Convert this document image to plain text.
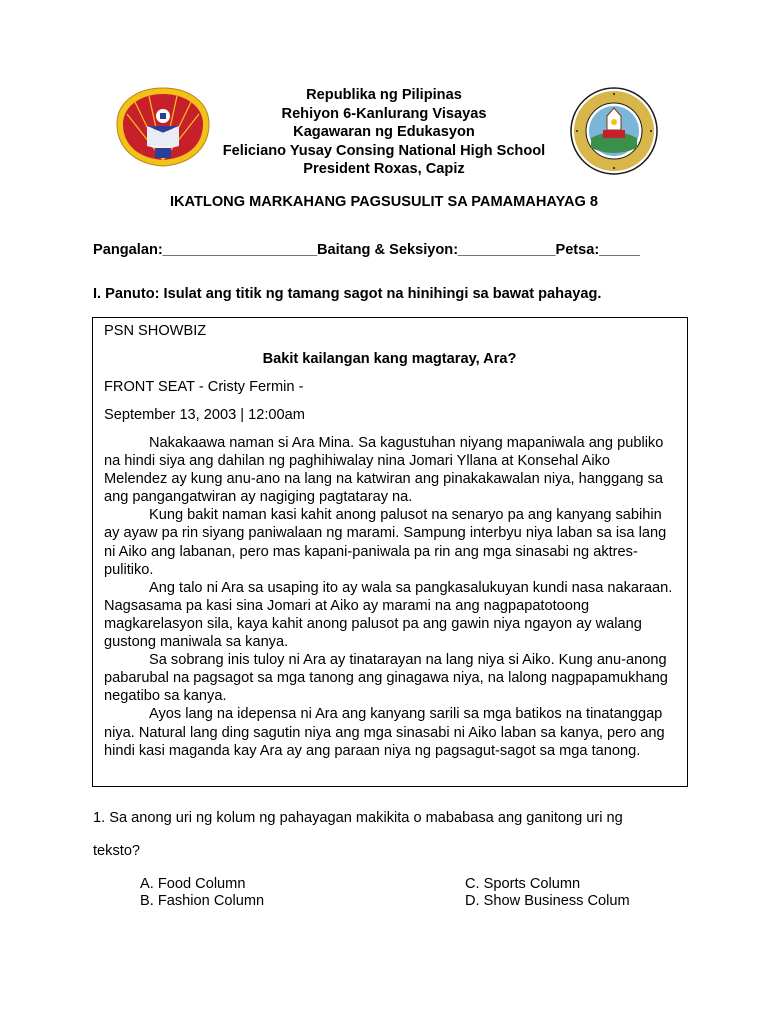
Republika ng Pilipinas
Rehiyon 6-Kanlurang Visayas
Kagawaran ng Edukasyon
Feliciano Yusay Consing National High School
President Roxas, Capiz
IKATLONG MARKAHANG PAGSUSULIT SA PAMAMAHAYAG 8
Pangalan:___________________Baitang & Seksiyon:____________Petsa:_____
I. Panuto: Isulat ang titik ng tamang sagot na hinihingi sa bawat pahayag.

PSN SHOWBIZ

Bakit kailangan kang magtaray, Ara?

FRONT SEAT - Cristy Fermin -

September 13, 2003 | 12:00am

Nakakaawa naman si Ara Mina. Sa kagustuhan niyang mapaniwala ang publiko na hindi siya ang dahilan ng paghihiwalay nina Jomari Yllana at Konsehal Aiko Melendez ay kung anu-ano na lang na katwiran ang pinakakawalan niya, hanggang sa ang pangangatwiran ay nagiging pagtataray na.

Kung bakit naman kasi kahit anong palusot na senaryo pa ang kanyang sabihin ay ayaw pa rin siyang paniwalaan ng marami. Sampung interbyu niya laban sa isa lang ni Aiko ang labanan, pero mas kapani-paniwala pa rin ang mga sinasabi ng aktres-pulitiko.

Ang talo ni Ara sa usaping ito ay wala sa pangkasalukuyan kundi nasa nakaraan. Nagsasama pa kasi sina Jomari at Aiko ay marami na ang nagpapatotoong magkarelasyon sila, kaya kahit anong palusot pa ang gawin niya ngayon ay walang gustong maniwala sa kanya.

Sa sobrang inis tuloy ni Ara ay tinatarayan na lang niya si Aiko. Kung anu-anong pabarubal na pagsagot sa mga tanong ang ginagawa niya, na lalong nagpapamukhang negatibo sa kanya.

Ayos lang na idepensa ni Ara ang kanyang sarili sa mga batikos na tinatanggap niya. Natural lang ding sagutin niya ang mga sinasabi ni Aiko laban sa kanya, pero ang hindi kasi maganda kay Ara ay ang paraan niya ng pagsagut-sagot sa mga tanong.

1. Sa anong uri ng kolum ng pahayagan makikita o mababasa ang ganitong uri ng
teksto?
A. Food Column
B. Fashion Column
C. Sports Column
D. Show Business Colum
